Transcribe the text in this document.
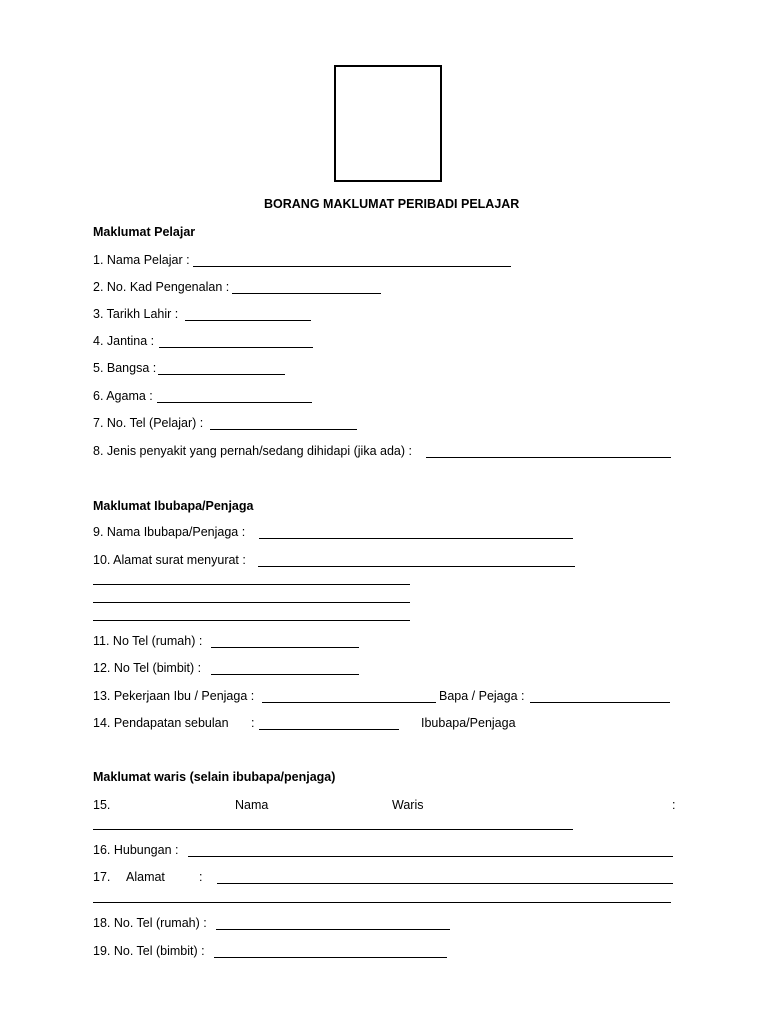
BORANG MAKLUMAT PERIBADI PELAJAR
Maklumat Pelajar
1. Nama Pelajar :
2. No. Kad Pengenalan :
3. Tarikh Lahir :
4. Jantina :
5. Bangsa :
6. Agama :
7. No. Tel (Pelajar) :
8. Jenis penyakit yang pernah/sedang dihidapi (jika ada) :
Maklumat Ibubapa/Penjaga
9. Nama Ibubapa/Penjaga :
10. Alamat surat menyurat :
11. No Tel (rumah) :
12. No Tel (bimbit) :
13. Pekerjaan Ibu / Penjaga :	Bapa / Pejaga :
14. Pendapatan sebulan :	Ibubapa/Penjaga
Maklumat waris (selain ibubapa/penjaga)
15.	Nama	Waris	:
16. Hubungan :
17. Alamat	:
18. No. Tel (rumah) :
19. No. Tel (bimbit) :
